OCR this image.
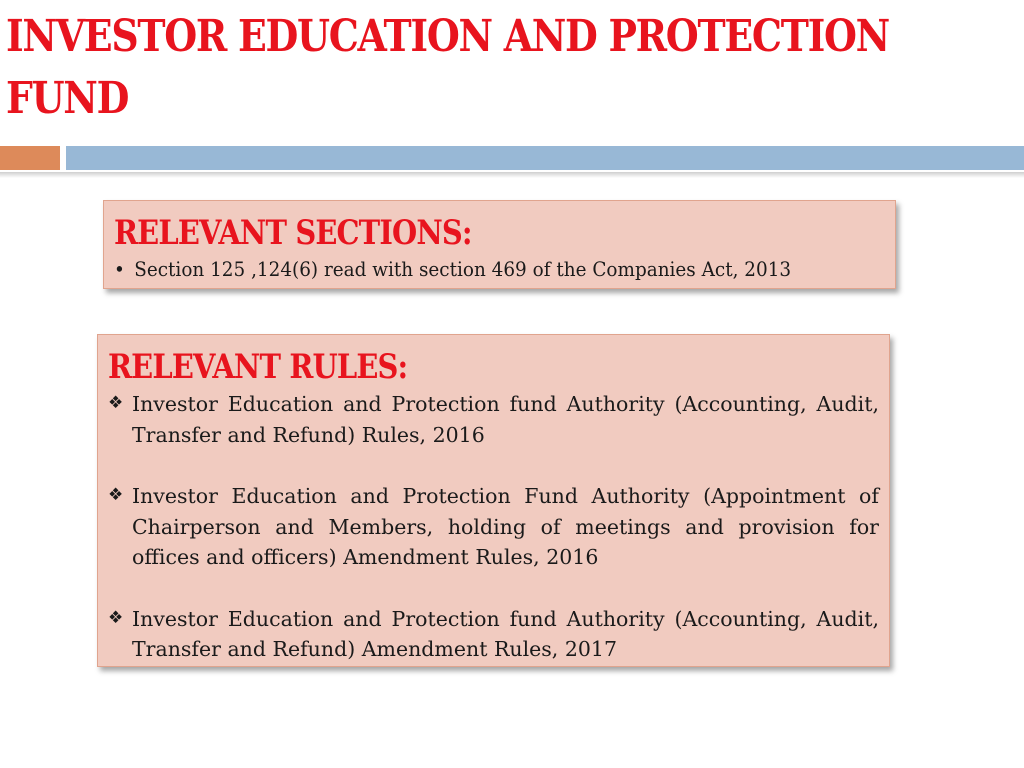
INVESTOR EDUCATION AND PROTECTION
FUND
RELEVANT SECTIONS:
• Section 125 ,124(6) read with section 469 of the Companies Act, 2013
RELEVANT RULES:
❖ Investor Education and Protection fund Authority (Accounting, Audit, Transfer and Refund) Rules, 2016
❖ Investor Education and Protection Fund Authority (Appointment of Chairperson and Members, holding of meetings and provision for offices and officers) Amendment Rules, 2016
❖ Investor Education and Protection fund Authority (Accounting, Audit, Transfer and Refund) Amendment Rules, 2017
